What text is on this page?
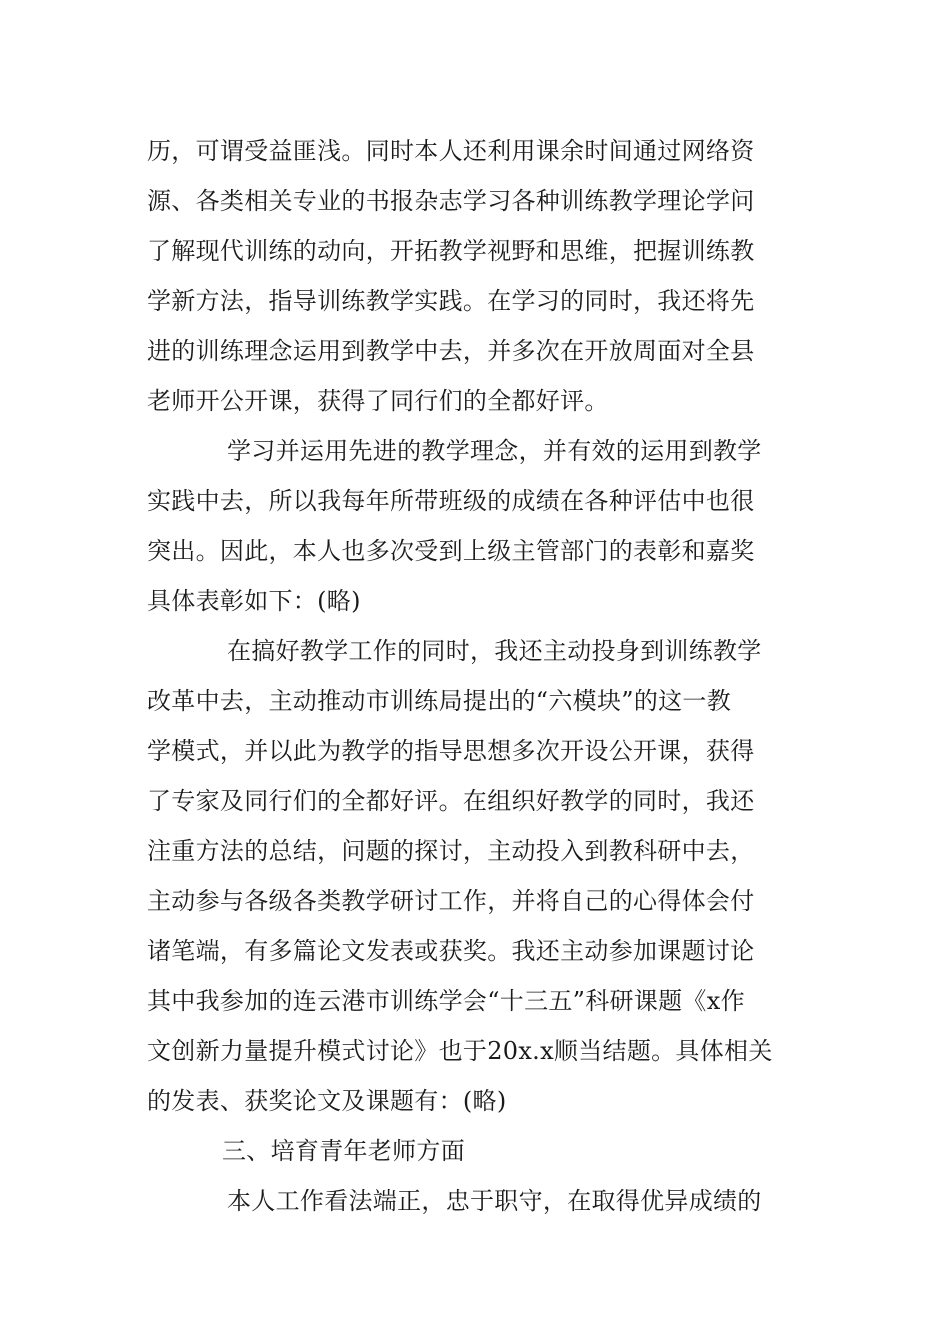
历，可谓受益匪浅。同时本人还利用课余时间通过网络资
源、各类相关专业的书报杂志学习各种训练教学理论学问
了解现代训练的动向，开拓教学视野和思维，把握训练教
学新方法，指导训练教学实践。在学习的同时，我还将先
进的训练理念运用到教学中去，并多次在开放周面对全县
老师开公开课，获得了同行们的全都好评。
学习并运用先进的教学理念，并有效的运用到教学
实践中去，所以我每年所带班级的成绩在各种评估中也很
突出。因此，本人也多次受到上级主管部门的表彰和嘉奖
具体表彰如下：(略)
在搞好教学工作的同时，我还主动投身到训练教学
改革中去，主动推动市训练局提出的“六模块”的这一教
学模式，并以此为教学的指导思想多次开设公开课，获得
了专家及同行们的全都好评。在组织好教学的同时，我还
注重方法的总结，问题的探讨，主动投入到教科研中去，
主动参与各级各类教学研讨工作，并将自己的心得体会付
诸笔端，有多篇论文发表或获奖。我还主动参加课题讨论
其中我参加的连云港市训练学会“十三五”科研课题《x作
文创新力量提升模式讨论》也于20x.x顺当结题。具体相关
的发表、获奖论文及课题有：(略)
三、培育青年老师方面
本人工作看法端正，忠于职守，在取得优异成绩的
